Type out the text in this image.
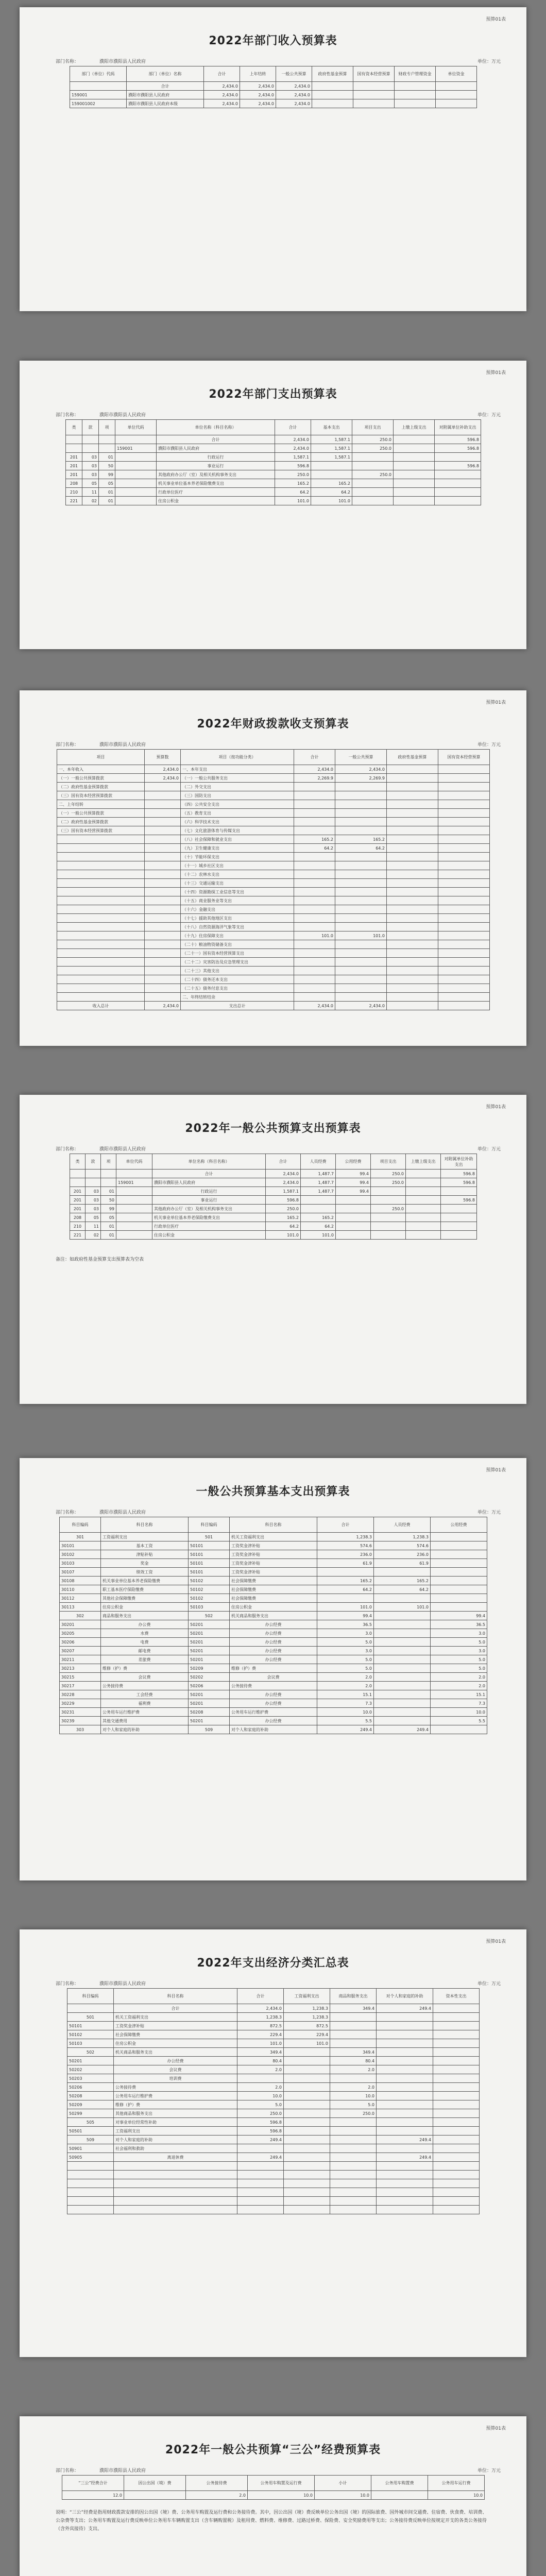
预算01表
2022年部门收入预算表
部门名称：	濮阳市濮阳县人民政府	单位：万元
部门（单位）代码	部门（单位）名称	合计	上年结转	一般公共预算	政府性基金预算	国有资本经营预算	财政专户管理资金	单位资金
	合计	2,434.0	2,434.0	2,434.0				
159001	濮阳市濮阳县人民政府	2,434.0	2,434.0	2,434.0				
159001002	濮阳市濮阳县人民政府本级	2,434.0	2,434.0	2,434.0				
预算01表
2022年部门支出预算表
部门名称：	濮阳市濮阳县人民政府	单位：万元
类	款	项	单位代码	单位名称（科目名称）	合计	基本支出	项目支出	上缴上级支出	对附属单位补助支出
				合计	2,434.0	1,587.1	250.0		596.8
			159001	濮阳市濮阳县人民政府	2,434.0	1,587.1	250.0		596.8
201	03	01		行政运行	1,587.1	1,587.1			
201	03	50		事业运行	596.8				596.8
201	03	99		其他政府办公厅（室）及相关机构事务支出	250.0		250.0		
208	05	05		机关事业单位基本养老保险缴费支出	165.2	165.2			
210	11	01		行政单位医疗	64.2	64.2			
221	02	01		住房公积金	101.0	101.0			
预算01表
2022年财政拨款收支预算表
部门名称：	濮阳市濮阳县人民政府	单位：万元
项目	预算数	项目（按功能分类）	合计	一般公共预算	政府性基金预算	国有资本经营预算
一、本年收入	2,434.0	一、本年支出	2,434.0	2,434.0		
（一）一般公共预算拨款	2,434.0	（一）一般公共服务支出	2,269.9	2,269.9		
（二）政府性基金预算拨款		（二）外交支出				
（三）国有资本经营预算拨款		（三）国防支出				
二、上年结转		（四）公共安全支出				
（一）一般公共预算拨款		（五）教育支出				
（二）政府性基金预算拨款		（六）科学技术支出				
（三）国有资本经营预算拨款		（七）文化旅游体育与传媒支出				
		（八）社会保障和就业支出	165.2	165.2		
		（九）卫生健康支出	64.2	64.2		
		（十）节能环保支出				
		（十一）城乡社区支出				
		（十二）农林水支出				
		（十三）交通运输支出				
		（十四）资源勘探工业信息等支出				
		（十五）商业服务业等支出				
		（十六）金融支出				
		（十七）援助其他地区支出				
		（十八）自然资源海洋气象等支出				
		（十九）住房保障支出	101.0	101.0		
		（二十）粮油物资储备支出				
		（二十一）国有资本经营预算支出				
		（二十二）灾害防治及应急管理支出				
		（二十三）其他支出				
		（二十四）债务还本支出				
		（二十五）债务付息支出				
		二、年终结转结余				
收入总计	2,434.0	支出总计	2,434.0	2,434.0		
预算01表
2022年一般公共预算支出预算表
部门名称：	濮阳市濮阳县人民政府	单位：万元
类	款	项	单位代码	单位名称（科目名称）	合计	人员经费	公用经费	项目支出	上缴上级支出	对附属单位补助支出
				合计	2,434.0	1,487.7	99.4	250.0		596.8
			159001	濮阳市濮阳县人民政府	2,434.0	1,487.7	99.4	250.0		596.8
201	03	01		行政运行	1,587.1	1,487.7	99.4			
201	03	50		事业运行	596.8					596.8
201	03	99		其他政府办公厅（室）及相关机构事务支出	250.0			250.0		
208	05	05		机关事业单位基本养老保险缴费支出	165.2	165.2				
210	11	01		行政单位医疗	64.2	64.2				
221	02	01		住房公积金	101.0	101.0				
备注：如政府性基金预算支出预算表为空表
预算01表
一般公共预算基本支出预算表
部门名称：	濮阳市濮阳县人民政府	单位：万元
科目编码	科目名称	科目编码	科目名称	合计	人员经费	公用经费
301	工资福利支出	501	机关工资福利支出	1,238.3	1,238.3	
30101	基本工资	50101	工资奖金津补贴	574.6	574.6	
30102	津贴补贴	50101	工资奖金津补贴	236.0	236.0	
30103	奖金	50101	工资奖金津补贴	61.9	61.9	
30107	绩效工资	50101	工资奖金津补贴			
30108	机关事业单位基本养老保险缴费	50102	社会保障缴费	165.2	165.2	
30110	职工基本医疗保险缴费	50102	社会保障缴费	64.2	64.2	
30112	其他社会保障缴费	50102	社会保障缴费			
30113	住房公积金	50103	住房公积金	101.0	101.0	
302	商品和服务支出	502	机关商品和服务支出	99.4		99.4
30201	办公费	50201	办公经费	36.5		36.5
30205	水费	50201	办公经费	3.0		3.0
30206	电费	50201	办公经费	5.0		5.0
30207	邮电费	50201	办公经费	3.0		3.0
30211	差旅费	50201	办公经费	5.0		5.0
30213	维修（护）费	50209	维修（护）费	5.0		5.0
30215	会议费	50202	会议费	2.0		2.0
30217	公务接待费	50206	公务接待费	2.0		2.0
30228	工会经费	50201	办公经费	15.1		15.1
30229	福利费	50201	办公经费	7.3		7.3
30231	公务用车运行维护费	50208	公务用车运行维护费	10.0		10.0
30239	其他交通费用	50201	办公经费	5.5		5.5
303	对个人和家庭的补助	509	对个人和家庭的补助	249.4	249.4	
预算01表
2022年支出经济分类汇总表
部门名称：	濮阳市濮阳县人民政府	单位：万元
科目编码	科目名称	合计	工资福利支出	商品和服务支出	对个人和家庭的补助	资本性支出
	合计	2,434.0	1,238.3	349.4	249.4	
501	机关工资福利支出	1,238.3	1,238.3			
50101	工资奖金津补贴	872.5	872.5			
50102	社会保障缴费	229.4	229.4			
50103	住房公积金	101.0	101.0			
502	机关商品和服务支出	349.4		349.4		
50201	办公经费	80.4		80.4		
50202	会议费	2.0		2.0		
50203	培训费					
50206	公务接待费	2.0		2.0		
50208	公务用车运行维护费	10.0		10.0		
50209	维修（护）费	5.0		5.0		
50299	其他商品和服务支出	250.0		250.0		
505	对事业单位经常性补助	596.8				
50501	工资福利支出	596.8				
509	对个人和家庭的补助	249.4			249.4	
50901	社会福利和救助					
50905	离退休费	249.4			249.4	

预算01表
2022年一般公共预算“三公”经费预算表
部门名称：	濮阳市濮阳县人民政府	单位：万元
“三公”经费合计	因公出国（境）费	公务接待费	公务用车购置及运行费	小计	公务用车购置费	公务用车运行费
12.0		2.0	10.0	10.0		10.0
说明：“三公”经费是指用财政拨款安排的因公出国（境）费、公务用车购置及运行费和公务接待费。其中，因公出国（境）费反映单位公务出国（境）的国际旅费、国外城市间交通费、住宿费、伙食费、培训费、公杂费等支出；公务用车购置及运行费反映单位公务用车车辆购置支出（含车辆购置税）及租用费、燃料费、维修费、过路过桥费、保险费、安全奖励费用等支出；公务接待费反映单位按规定开支的各类公务接待（含外宾接待）支出。
